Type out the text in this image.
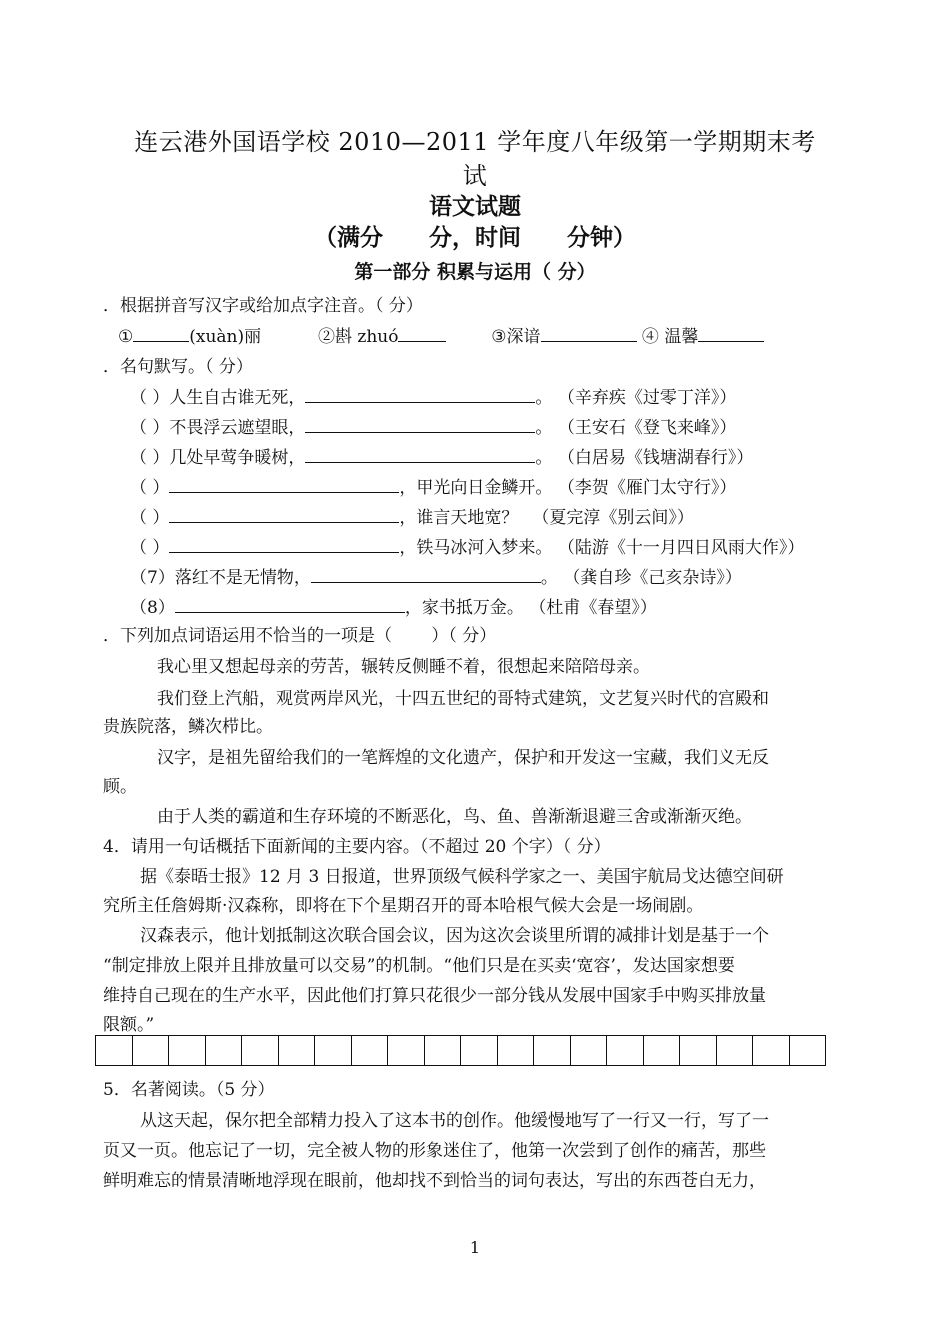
连云港外国语学校 2010—2011 学年度八年级第一学期期末考
试
语文试题
（满分　　分，时间　　分钟）
第一部分 积累与运用（ 分）
．根据拼音写汉字或给加点字注音。（ 分）
①	(xuàn)丽	②斟 zhuó	③深谙	④ 温馨
．名句默写。（ 分）
（ ）人生自古谁无死，	。 （辛弃疾《过零丁洋》）
（ ）不畏浮云遮望眼，	。 （王安石《登飞来峰》）
（ ）几处早莺争暖树，	。 （白居易《钱塘湖春行》）
（ ）	，甲光向日金鳞开。 （李贺《雁门太守行》）
（ ）	，谁言天地宽？ （夏完淳《别云间》）
（ ）	，铁马冰河入梦来。 （陆游《十一月四日风雨大作》）
（7）落红不是无情物，	。 （龚自珍《己亥杂诗》）
（8）	，家书抵万金。 （杜甫《春望》）
．下列加点词语运用不恰当的一项是（　　 ）（ 分）
　我心里又想起母亲的劳苦，辗转反侧睡不着，很想起来陪陪母亲。
　我们登上汽船，观赏两岸风光，十四五世纪的哥特式建筑，文艺复兴时代的宫殿和
贵族院落，鳞次栉比。
　汉字，是祖先留给我们的一笔辉煌的文化遗产，保护和开发这一宝藏，我们义无反
顾。
　由于人类的霸道和生存环境的不断恶化，鸟、鱼、兽渐渐退避三舍或渐渐灭绝。
4．请用一句话概括下面新闻的主要内容。（不超过 20 个字）（ 分）
据《泰晤士报》12 月 3 日报道，世界顶级气候科学家之一、美国宇航局戈达德空间研
究所主任詹姆斯·汉森称，即将在下个星期召开的哥本哈根气候大会是一场闹剧。
汉森表示，他计划抵制这次联合国会议，因为这次会谈里所谓的减排计划是基于一个
“制定排放上限并且排放量可以交易”的机制。“他们只是在买卖‘宽容’，发达国家想要
维持自己现在的生产水平，因此他们打算只花很少一部分钱从发展中国家手中购买排放量
限额。”
5．名著阅读。（5 分）
从这天起，保尔把全部精力投入了这本书的创作。他缓慢地写了一行又一行，写了一
页又一页。他忘记了一切，完全被人物的形象迷住了，他第一次尝到了创作的痛苦，那些
鲜明难忘的情景清晰地浮现在眼前，他却找不到恰当的词句表达，写出的东西苍白无力，
1
